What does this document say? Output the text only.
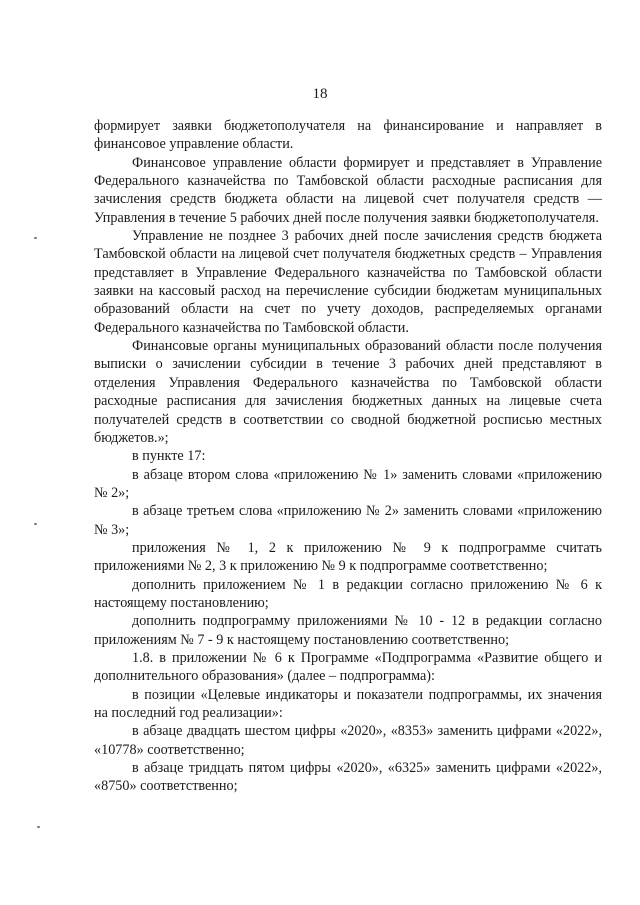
18

формирует заявки бюджетополучателя на финансирование и направляет в финансовое управление области.

Финансовое управление области формирует и представляет в Управление Федерального казначейства по Тамбовской области расходные расписания для зачисления средств бюджета области на лицевой счет получателя средств — Управления в течение 5 рабочих дней после получения заявки бюджетополучателя.

Управление не позднее 3 рабочих дней после зачисления средств бюджета Тамбовской области на лицевой счет получателя бюджетных средств – Управления представляет в Управление Федерального казначейства по Тамбовской области заявки на кассовый расход на перечисление субсидии бюджетам муниципальных образований области на счет по учету доходов, распределяемых органами Федерального казначейства по Тамбовской области.

Финансовые органы муниципальных образований области после получения выписки о зачислении субсидии в течение 3 рабочих дней представляют в отделения Управления Федерального казначейства по Тамбовской области расходные расписания для зачисления бюджетных данных на лицевые счета получателей средств в соответствии со сводной бюджетной росписью местных бюджетов.»;

в пункте 17:

в абзаце втором слова «приложению № 1» заменить словами «приложению № 2»;

в абзаце третьем слова «приложению № 2» заменить словами «приложению № 3»;

приложения № 1, 2 к приложению № 9 к подпрограмме считать приложениями № 2, 3 к приложению № 9 к подпрограмме соответственно;

дополнить приложением № 1 в редакции согласно приложению № 6 к настоящему постановлению;

дополнить подпрограмму приложениями № 10 - 12 в редакции согласно приложениям № 7 - 9 к настоящему постановлению соответственно;

1.8. в приложении № 6 к Программе «Подпрограмма «Развитие общего и дополнительного образования» (далее – подпрограмма):

в позиции «Целевые индикаторы и показатели подпрограммы, их значения на последний год реализации»:

в абзаце двадцать шестом цифры «2020», «8353» заменить цифрами «2022», «10778» соответственно;

в абзаце тридцать пятом цифры «2020», «6325» заменить цифрами «2022», «8750» соответственно;
